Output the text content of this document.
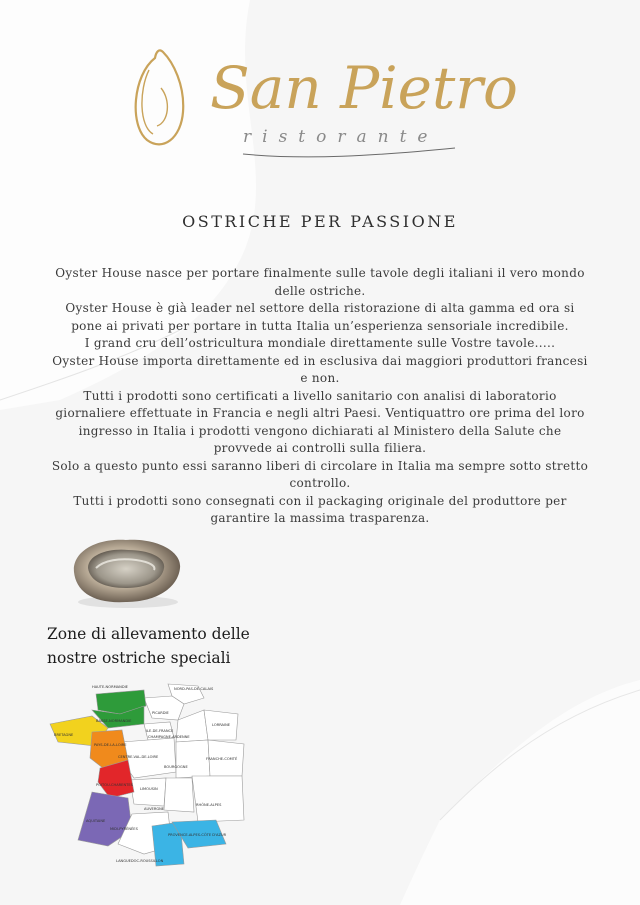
San Pietro
ristorante
OSTRICHE PER PASSIONE

Oyster House nasce per portare finalmente sulle tavole degli italiani il vero mondo delle ostriche.

Oyster House è già leader nel settore della ristorazione di alta gamma ed ora si pone ai privati per portare in tutta Italia un’esperienza sensoriale incredibile.

I grand cru dell’ostricultura mondiale direttamente sulle Vostre tavole.....

Oyster House importa direttamente ed in esclusiva dai maggiori produttori francesi e non.

Tutti i prodotti sono certificati a livello sanitario con analisi di laboratorio giornaliere effettuate in Francia e negli altri Paesi. Ventiquattro ore prima del loro ingresso in Italia i prodotti vengono dichiarati al Ministero della Salute che provvede ai controlli sulla filiera.

Solo a questo punto essi saranno liberi di circolare in Italia ma sempre sotto stretto controllo.

Tutti i prodotti sono consegnati con il packaging originale del produttore per garantire la massima trasparenza.

Zone di allevamento delle
nostre ostriche speciali
HAUTE-NORMANDIE	NORD-PAS-DE-CALAIS
PICARDIE
BASSE-NORMANDIE
BRETAGNE
ILE-DE-FRANCE
CHAMPAGNE-ARDENNE
LORRAINE
PAYS-DE-LA-LOIRE
CENTRE-VAL-DE-LOIRE	FRANCHE-COMTÉ
BOURGOGNE
POITOU-CHARENTES
LIMOUSIN
AUVERGNE
RHÔNE-ALPES
AQUITAINE
MIDI-PYRÉNÉES
PROVENCE-ALPES-CÔTE D'AZUR
LANGUEDOC-ROUSSILLON
